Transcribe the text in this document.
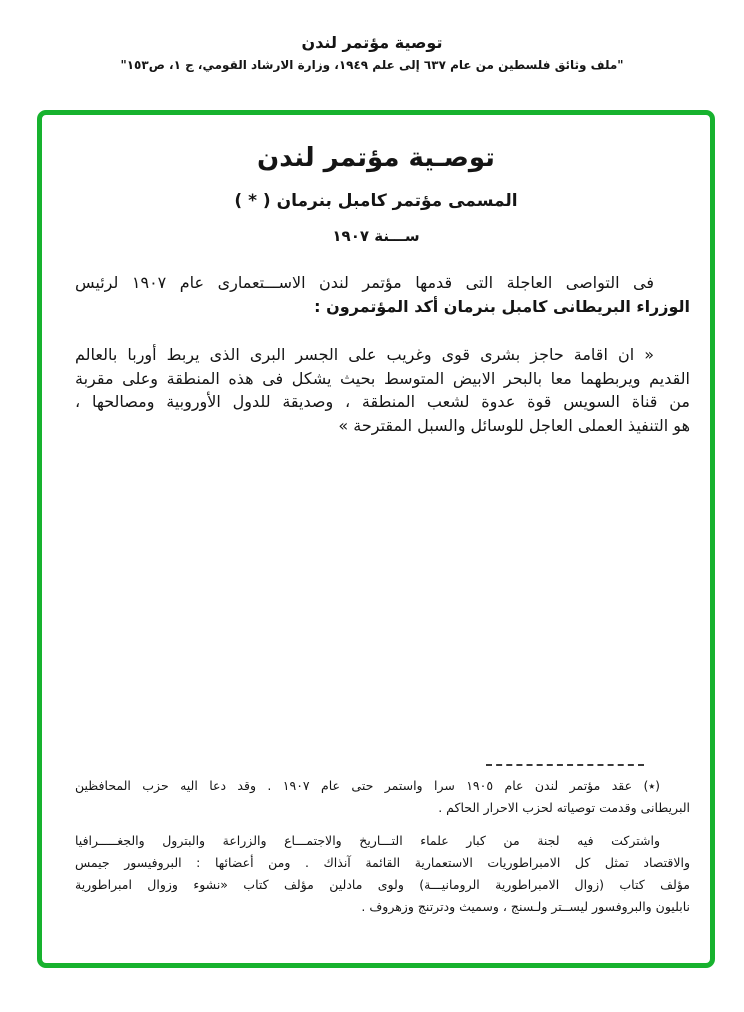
توصية مؤتمر لندن
"ملف وثائق فلسطين من عام ٦٣٧ إلى علم ١٩٤٩، وزارة الارشاد القومي، ج ١، ص١٥٣"
توصـية مؤتمر لندن
المسمى مؤتمر كامبل بنرمان ( * )
ســـنة ١٩٠٧
فى التواصى العاجلة التى قدمها مؤتمر لندن الاســـتعمارى عام ١٩٠٧ لرئيس
الوزراء البريطانى كامبل بنرمان أكد المؤتمرون :
« ان اقامة حاجز بشرى قوى وغريب على الجسر البرى الذى يربط أوربا بالعالم
القديم ويربطهما معا بالبحر الابيض المتوسط بحيث يشكل فى هذه المنطقة وعلى مقربة
من قناة السويس قوة عدوة لشعب المنطقة ، وصديقة للدول الأوروبية ومصالحها ،
هو التنفيذ العملى العاجل للوسائل والسبل المقترحة »
(٭) عقد مؤتمر لندن عام ١٩٠٥ سرا واستمر حتى عام ١٩٠٧ . وقد دعا اليه حزب المحافظين
البريطانى وقدمت توصياته لحزب الاحرار الحاكم .
واشتركت فيه لجنة من كبار علماء التـــاريخ والاجتمـــاع والزراعة والبترول والجغـــــرافيا
والاقتصاد تمثل كل الامبراطوريات الاستعمارية القائمة آنذاك . ومن أعضائها : البروفيسور جيمس
مؤلف كتاب (زوال الامبراطورية الرومانيـــة) ولوى مادلين مؤلف كتاب «نشوء وزوال امبراطورية
نابليون والبروفسور ليســتر ولـسنج ، وسميث ودترتنج وزهروف .
